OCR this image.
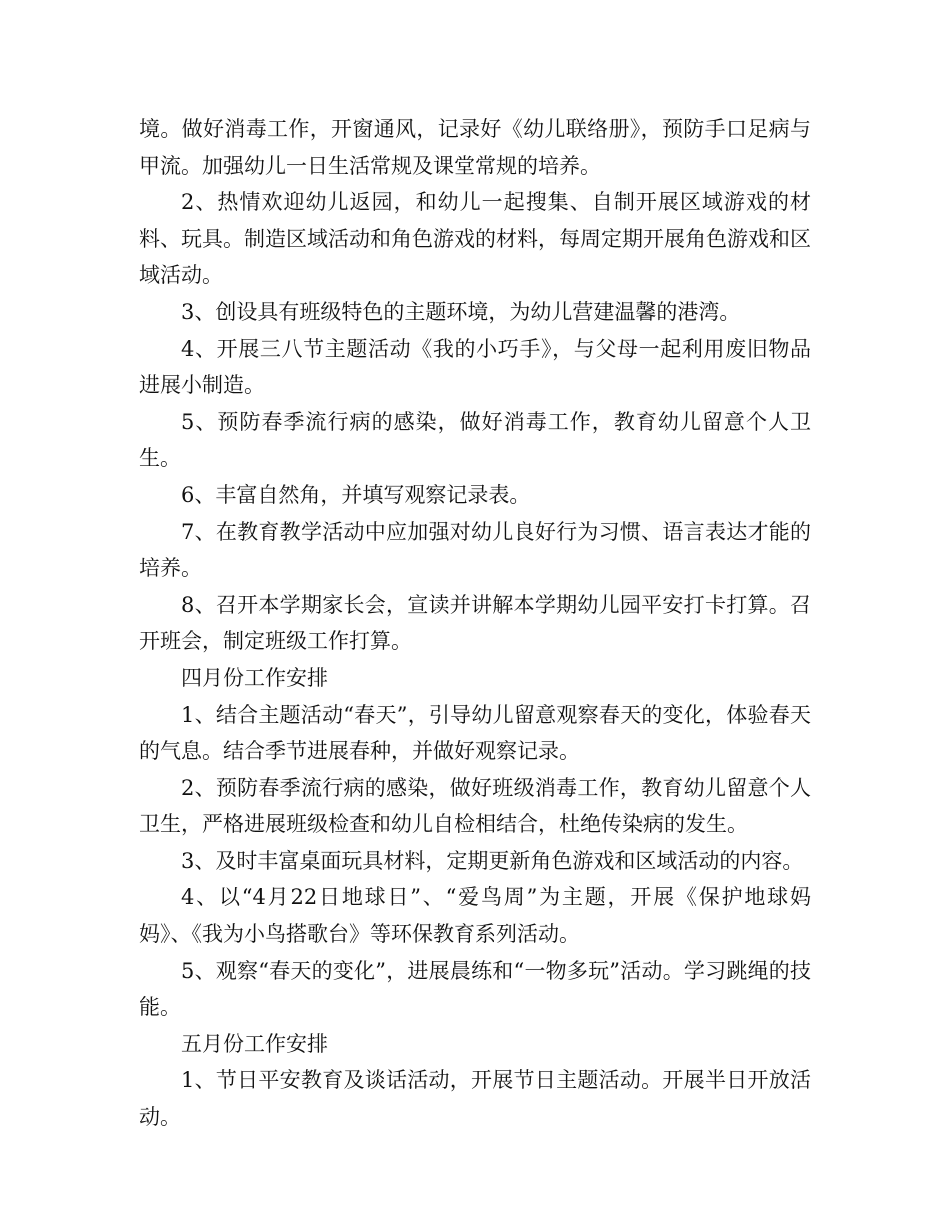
境。做好消毒工作，开窗通风，记录好《幼儿联络册》，预防手口足病与甲流。加强幼儿一日生活常规及课堂常规的培养。

2、热情欢迎幼儿返园，和幼儿一起搜集、自制开展区域游戏的材料、玩具。制造区域活动和角色游戏的材料，每周定期开展角色游戏和区域活动。

3、创设具有班级特色的主题环境，为幼儿营建温馨的港湾。

4、开展三八节主题活动《我的小巧手》，与父母一起利用废旧物品进展小制造。

5、预防春季流行病的感染，做好消毒工作，教育幼儿留意个人卫生。

6、丰富自然角，并填写观察记录表。

7、在教育教学活动中应加强对幼儿良好行为习惯、语言表达才能的培养。

8、召开本学期家长会，宣读并讲解本学期幼儿园平安打卡打算。召开班会，制定班级工作打算。

四月份工作安排

1、结合主题活动“春天”，引导幼儿留意观察春天的变化，体验春天的气息。结合季节进展春种，并做好观察记录。

2、预防春季流行病的感染，做好班级消毒工作，教育幼儿留意个人卫生，严格进展班级检查和幼儿自检相结合，杜绝传染病的发生。

3、及时丰富桌面玩具材料，定期更新角色游戏和区域活动的内容。

4、以“4月22日地球日”、“爱鸟周”为主题，开展《保护地球妈妈》、《我为小鸟搭歌台》等环保教育系列活动。

5、观察“春天的变化”，进展晨练和“一物多玩”活动。学习跳绳的技能。

五月份工作安排

1、节日平安教育及谈话活动，开展节日主题活动。开展半日开放活动。
